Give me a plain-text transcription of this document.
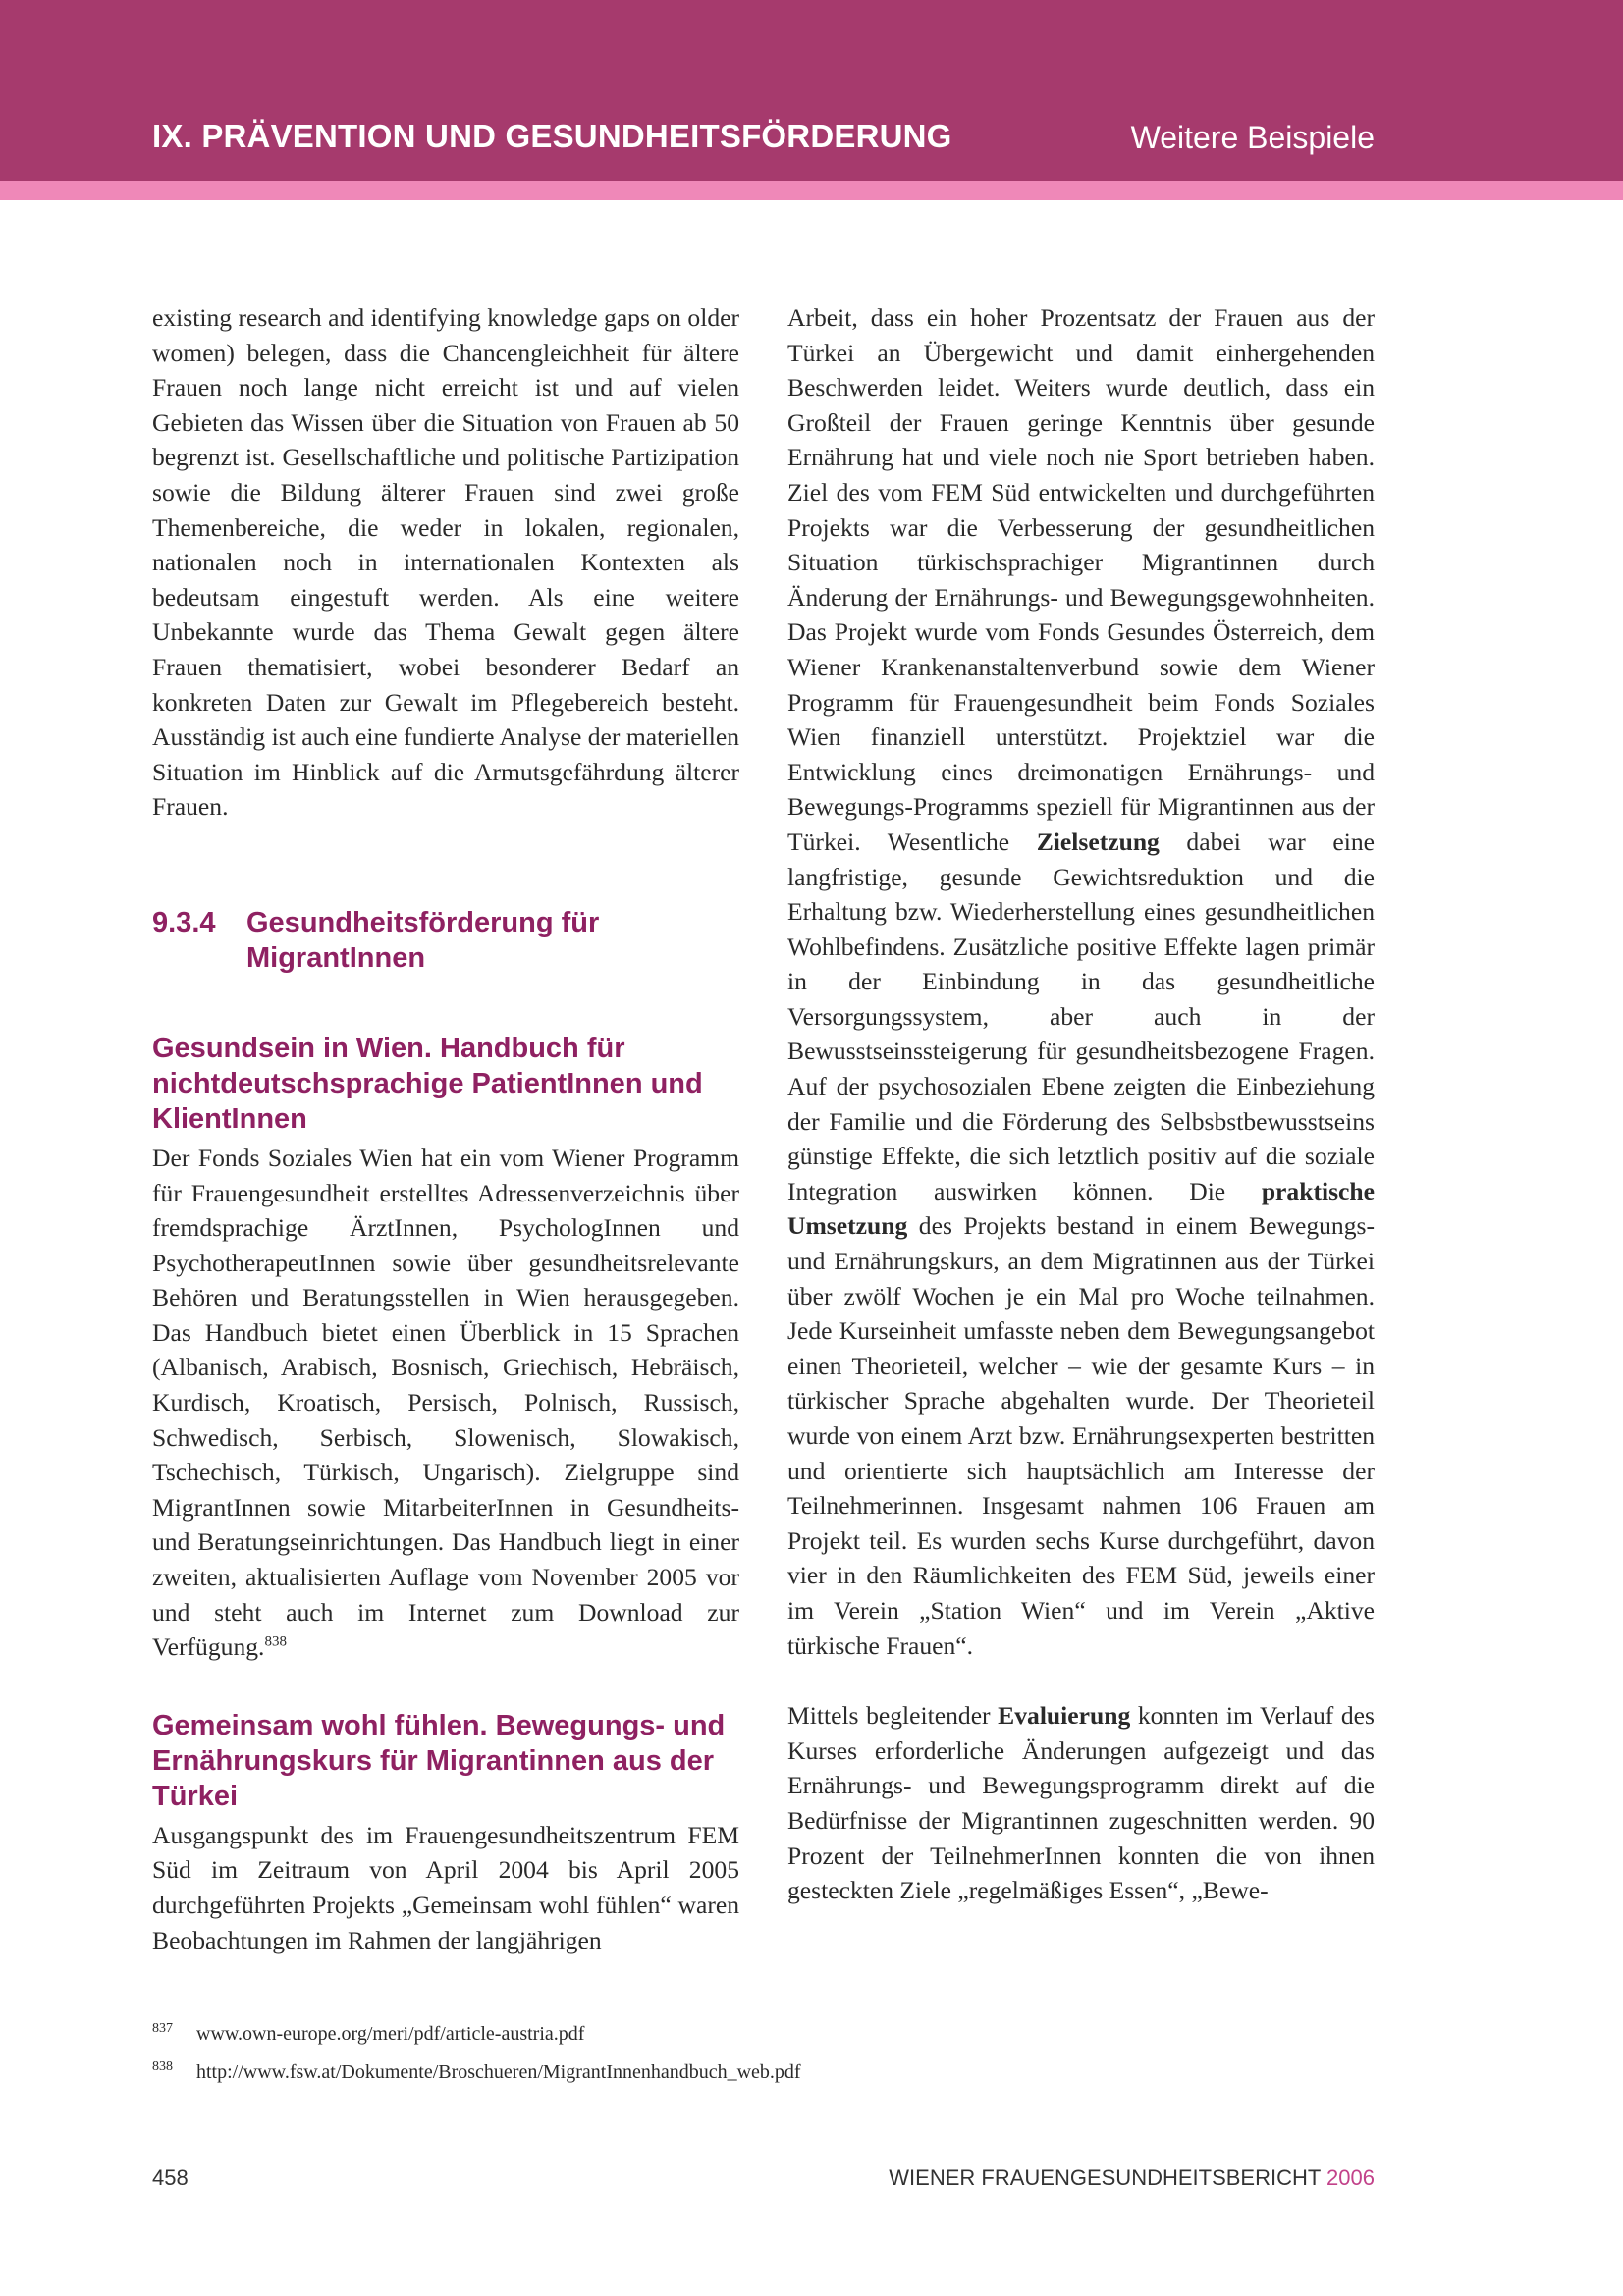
IX. PRÄVENTION UND GESUNDHEITSFÖRDERUNG	Weitere Beispiele

existing research and identifying knowledge gaps on older women) belegen, dass die Chancengleichheit für ältere Frauen noch lange nicht erreicht ist und auf vielen Gebieten das Wissen über die Situation von Frauen ab 50 begrenzt ist. Gesellschaftliche und politische Partizipation sowie die Bildung älterer Frauen sind zwei große Themenbereiche, die weder in lokalen, regionalen, nationalen noch in internationalen Kontexten als bedeutsam eingestuft werden. Als eine weitere Unbekannte wurde das Thema Gewalt gegen ältere Frauen thematisiert, wobei besonderer Bedarf an konkreten Daten zur Gewalt im Pflegebereich besteht. Ausständig ist auch eine fundierte Analyse der materiellen Situation im Hinblick auf die Armutsgefährdung älterer Frauen.

9.3.4 Gesundheitsförderung für MigrantInnen
Gesundsein in Wien. Handbuch für nichtdeutschsprachige PatientInnen und KlientInnen

Der Fonds Soziales Wien hat ein vom Wiener Programm für Frauengesundheit erstelltes Adressenverzeichnis über fremdsprachige ÄrztInnen, PsychologInnen und PsychotherapeutInnen sowie über gesundheitsrelevante Behören und Beratungsstellen in Wien herausgegeben. Das Handbuch bietet einen Überblick in 15 Sprachen (Albanisch, Arabisch, Bosnisch, Griechisch, Hebräisch, Kurdisch, Kroatisch, Persisch, Polnisch, Russisch, Schwedisch, Serbisch, Slowenisch, Slowakisch, Tschechisch, Türkisch, Ungarisch). Zielgruppe sind MigrantInnen sowie MitarbeiterInnen in Gesundheits- und Beratungseinrichtungen. Das Handbuch liegt in einer zweiten, aktualisierten Auflage vom November 2005 vor und steht auch im Internet zum Download zur Verfügung.$^{838}$

Gemeinsam wohl fühlen. Bewegungs- und Ernährungskurs für Migrantinnen aus der Türkei

Ausgangspunkt des im Frauengesundheitszentrum FEM Süd im Zeitraum von April 2004 bis April 2005 durchgeführten Projekts „Gemeinsam wohl fühlen“ waren Beobachtungen im Rahmen der langjährigen

Arbeit, dass ein hoher Prozentsatz der Frauen aus der Türkei an Übergewicht und damit einhergehenden Beschwerden leidet. Weiters wurde deutlich, dass ein Großteil der Frauen geringe Kenntnis über gesunde Ernährung hat und viele noch nie Sport betrieben haben. Ziel des vom FEM Süd entwickelten und durchgeführten Projekts war die Verbesserung der gesundheitlichen Situation türkischsprachiger Migrantinnen durch Änderung der Ernährungs- und Bewegungsgewohnheiten. Das Projekt wurde vom Fonds Gesundes Österreich, dem Wiener Krankenanstaltenverbund sowie dem Wiener Programm für Frauengesundheit beim Fonds Soziales Wien finanziell unterstützt. Projektziel war die Entwicklung eines dreimonatigen Ernährungs- und Bewegungs-Programms speziell für Migrantinnen aus der Türkei. Wesentliche Zielsetzung dabei war eine langfristige, gesunde Gewichtsreduktion und die Erhaltung bzw. Wiederherstellung eines gesundheitlichen Wohlbefindens. Zusätzliche positive Effekte lagen primär in der Einbindung in das gesundheitliche Versorgungssystem, aber auch in der Bewusstseinssteigerung für gesundheitsbezogene Fragen. Auf der psychosozialen Ebene zeigten die Einbeziehung der Familie und die Förderung des Selbsbstbewusstseins günstige Effekte, die sich letztlich positiv auf die soziale Integration auswirken können. Die praktische Umsetzung des Projekts bestand in einem Bewegungs- und Ernährungskurs, an dem Migratinnen aus der Türkei über zwölf Wochen je ein Mal pro Woche teilnahmen. Jede Kurseinheit umfasste neben dem Bewegungsangebot einen Theorieteil, welcher – wie der gesamte Kurs – in türkischer Sprache abgehalten wurde. Der Theorieteil wurde von einem Arzt bzw. Ernährungsexperten bestritten und orientierte sich hauptsächlich am Interesse der Teilnehmerinnen. Insgesamt nahmen 106 Frauen am Projekt teil. Es wurden sechs Kurse durchgeführt, davon vier in den Räumlichkeiten des FEM Süd, jeweils einer im Verein „Station Wien“ und im Verein „Aktive türkische Frauen“.

Mittels begleitender Evaluierung konnten im Verlauf des Kurses erforderliche Änderungen aufgezeigt und das Ernährungs- und Bewegungsprogramm direkt auf die Bedürfnisse der Migrantinnen zugeschnitten werden. 90 Prozent der TeilnehmerInnen konnten die von ihnen gesteckten Ziele „regelmäßiges Essen“, „Bewe-

837 www.own-europe.org/meri/pdf/article-austria.pdf
838 http://www.fsw.at/Dokumente/Broschueren/MigrantInnenhandbuch_web.pdf
458	WIENER FRAUENGESUNDHEITSBERICHT 2006
